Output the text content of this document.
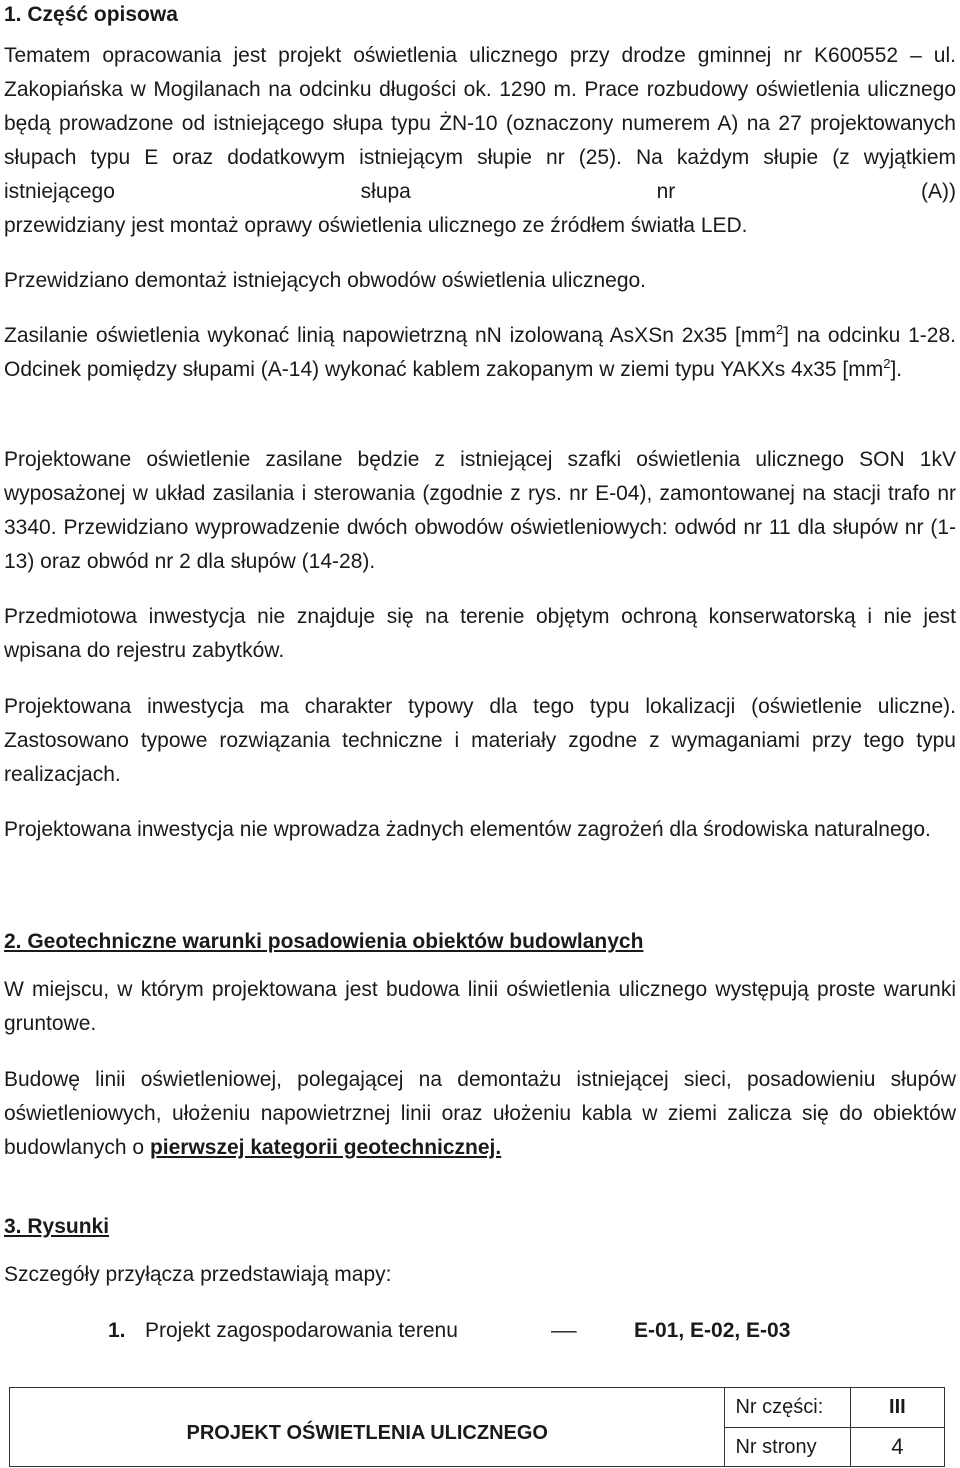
1. Część opisowa

Tematem opracowania jest projekt oświetlenia ulicznego przy drodze gminnej nr K600552 – ul. Zakopiańska w Mogilanach na odcinku długości ok. 1290 m. Prace rozbudowy oświetlenia ulicznego będą prowadzone od istniejącego słupa typu ŻN-10 (oznaczony numerem A) na 27 projektowanych słupach typu E oraz dodatkowym istniejącym słupie nr (25). Na każdym słupie (z wyjątkiem istniejącego słupa nr (A))

przewidziany jest montaż oprawy oświetlenia ulicznego ze źródłem światła LED.

Przewidziano demontaż istniejących obwodów oświetlenia ulicznego.

Zasilanie oświetlenia wykonać linią napowietrzną nN izolowaną AsXSn 2x35 $[mm^2]$ na odcinku 1-28. Odcinek pomiędzy słupami (A-14) wykonać kablem zakopanym w ziemi typu YAKXs 4x35 $[mm^2]$.

Projektowane oświetlenie zasilane będzie z istniejącej szafki oświetlenia ulicznego SON 1kV wyposażonej w układ zasilania i sterowania (zgodnie z rys. nr E-04), zamontowanej na stacji trafo nr 3340. Przewidziano wyprowadzenie dwóch obwodów oświetleniowych: odwód nr 11 dla słupów nr (1-13) oraz obwód nr 2 dla słupów (14-28).

Przedmiotowa inwestycja nie znajduje się na terenie objętym ochroną konserwatorską i nie jest wpisana do rejestru zabytków.

Projektowana inwestycja ma charakter typowy dla tego typu lokalizacji (oświetlenie uliczne). Zastosowano typowe rozwiązania techniczne i materiały zgodne z wymaganiami przy tego typu realizacjach.

Projektowana inwestycja nie wprowadza żadnych elementów zagrożeń dla środowiska naturalnego.

2. Geotechniczne warunki posadowienia obiektów budowlanych

W miejscu, w którym projektowana jest budowa linii oświetlenia ulicznego występują proste warunki gruntowe.

Budowę linii oświetleniowej, polegającej na demontażu istniejącej sieci, posadowieniu słupów oświetleniowych, ułożeniu napowietrznej linii oraz ułożeniu kabla w ziemi zalicza się do obiektów budowlanych o pierwszej kategorii geotechnicznej.

3. Rysunki

Szczegóły przyłącza przedstawiają mapy:

1. Projekt zagospodarowania terenu	–	E-01, E-02, E-03
PROJEKT OŚWIETLENIA ULICZNEGO	Nr części:	III
	Nr strony	4
